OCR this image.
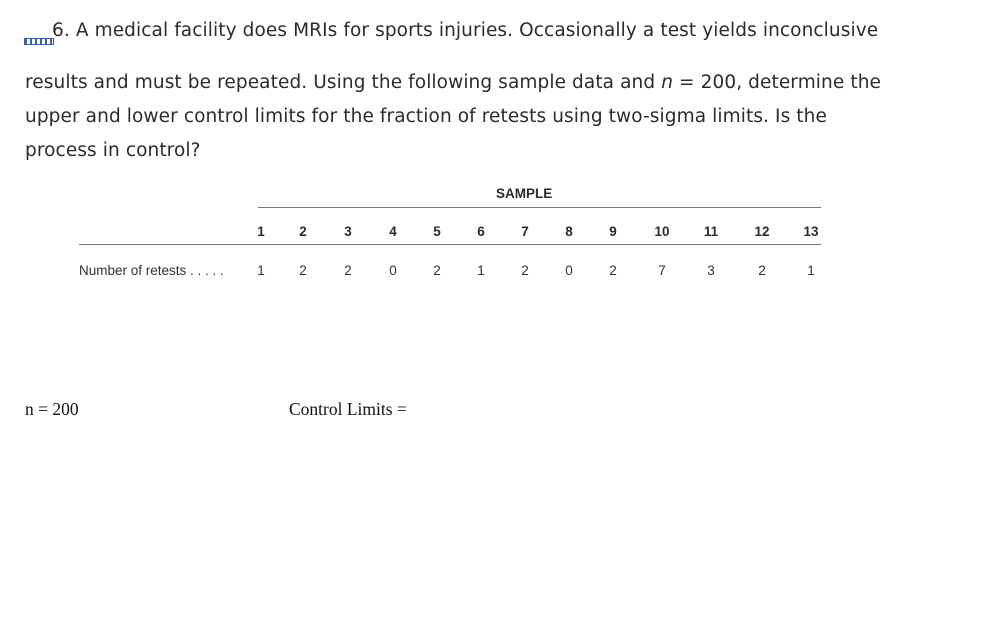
6. A medical facility does MRIs for sports injuries. Occasionally a test yields inconclusive
results and must be repeated. Using the following sample data and n = 200, determine the
upper and lower control limits for the fraction of retests using two-sigma limits. Is the
process in control?
SAMPLE
1	2	3	4	5	6	7	8	9	10	11	12	13
Number of retests . . . . . 1	2	2	0	2	1	2	0	2	7	3	2	1
n = 200	Control Limits =
